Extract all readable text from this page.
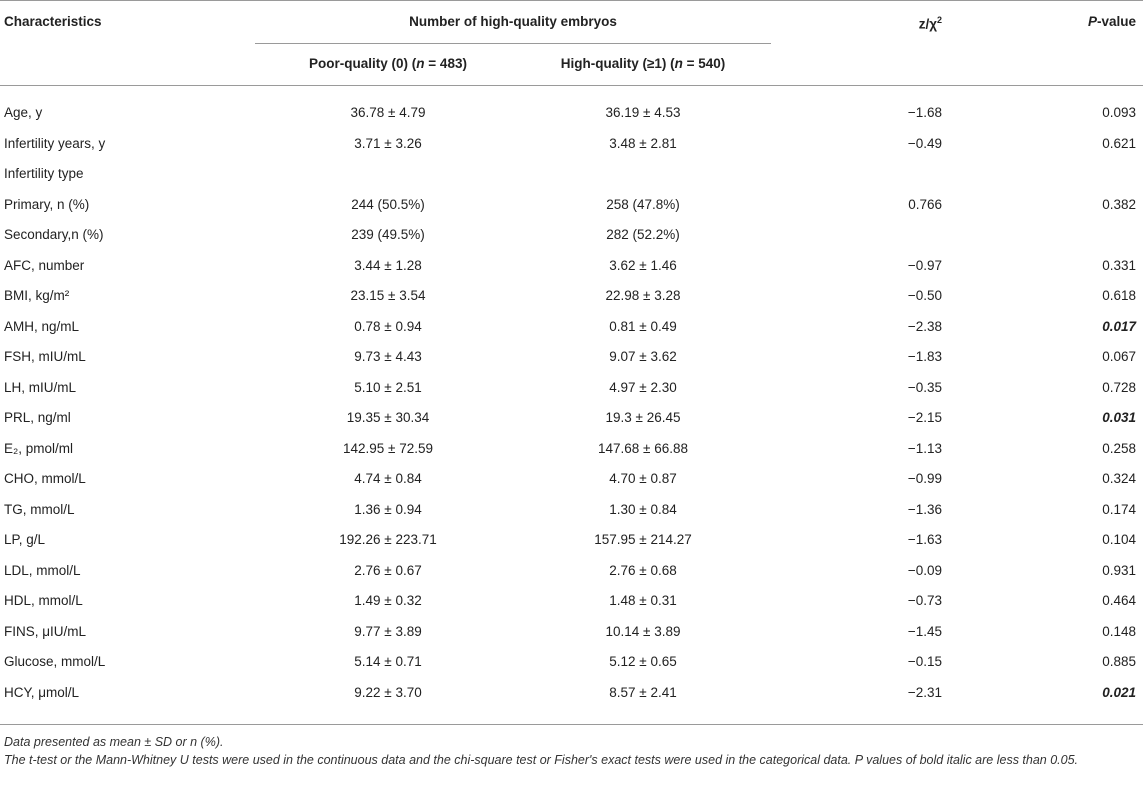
Characteristics	Number of high-quality embryos	$z/\chi^2$	P-value
Poor-quality (0) (n = 483)	High-quality (≥1) (n = 540)
Age, y	36.78 ± 4.79	36.19 ± 4.53	−1.68	0.093
Infertility years, y	3.71 ± 3.26	3.48 ± 2.81	−0.49	0.621
Infertility type
Primary, n (%)	244 (50.5%)	258 (47.8%)	0.766	0.382
Secondary,n (%)	239 (49.5%)	282 (52.2%)
AFC, number	3.44 ± 1.28	3.62 ± 1.46	−0.97	0.331
BMI, kg/m²	23.15 ± 3.54	22.98 ± 3.28	−0.50	0.618
AMH, ng/mL	0.78 ± 0.94	0.81 ± 0.49	−2.38	0.017
FSH, mIU/mL	9.73 ± 4.43	9.07 ± 3.62	−1.83	0.067
LH, mIU/mL	5.10 ± 2.51	4.97 ± 2.30	−0.35	0.728
PRL, ng/ml	19.35 ± 30.34	19.3 ± 26.45	−2.15	0.031
E₂, pmol/ml	142.95 ± 72.59	147.68 ± 66.88	−1.13	0.258
CHO, mmol/L	4.74 ± 0.84	4.70 ± 0.87	−0.99	0.324
TG, mmol/L	1.36 ± 0.94	1.30 ± 0.84	−1.36	0.174
LP, g/L	192.26 ± 223.71	157.95 ± 214.27	−1.63	0.104
LDL, mmol/L	2.76 ± 0.67	2.76 ± 0.68	−0.09	0.931
HDL, mmol/L	1.49 ± 0.32	1.48 ± 0.31	−0.73	0.464
FINS, μIU/mL	9.77 ± 3.89	10.14 ± 3.89	−1.45	0.148
Glucose, mmol/L	5.14 ± 0.71	5.12 ± 0.65	−0.15	0.885
HCY, μmol/L	9.22 ± 3.70	8.57 ± 2.41	−2.31	0.021
Data presented as mean ± SD or n (%).
The t-test or the Mann-Whitney U tests were used in the continuous data and the chi-square test or Fisher's exact tests were used in the categorical data. P values of bold italic are less than 0.05.
